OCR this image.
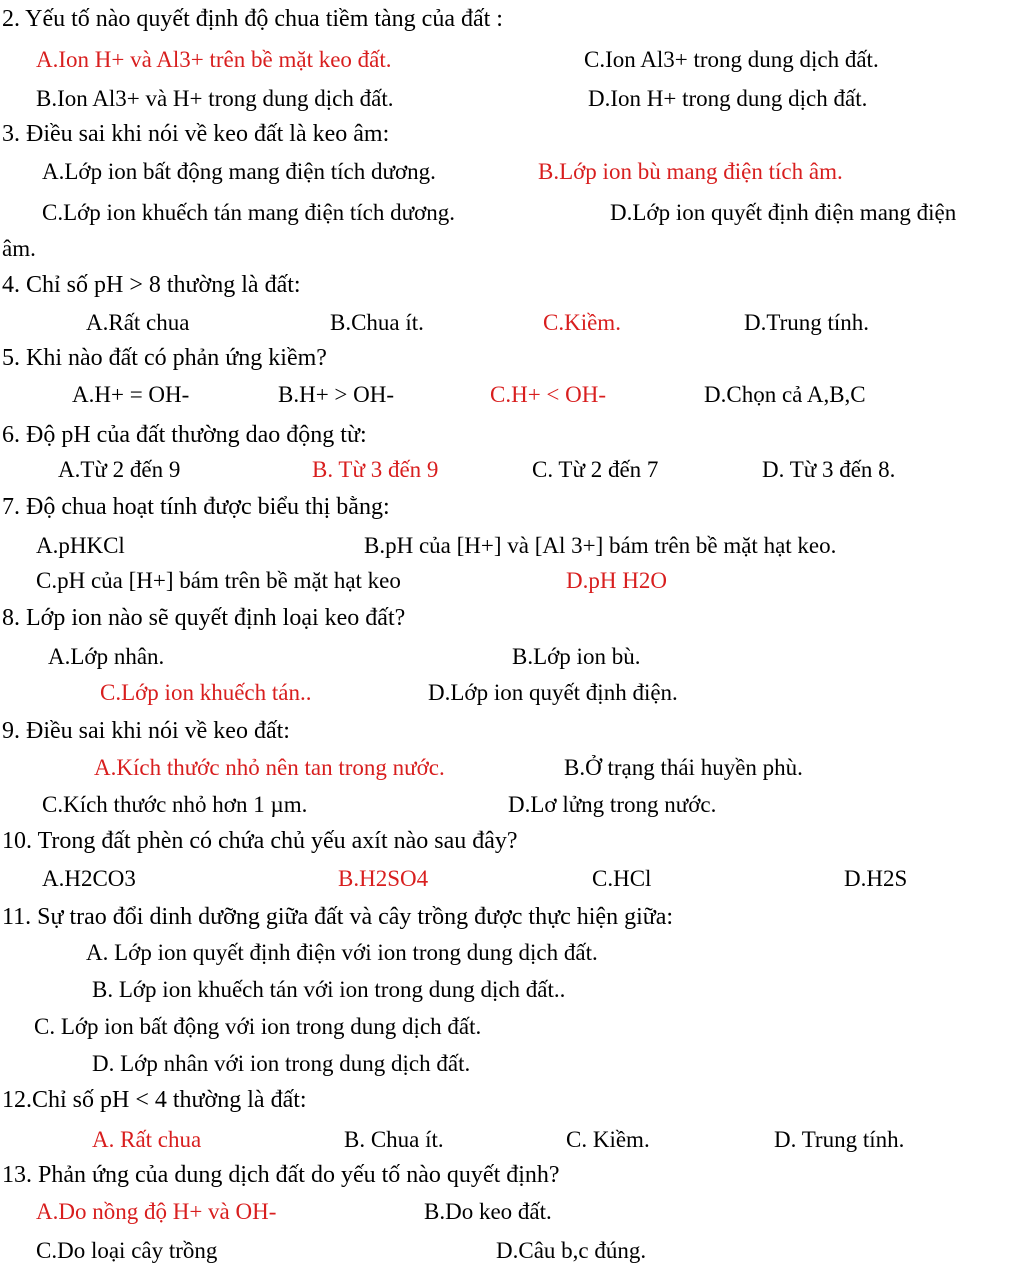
2. Yếu tố nào quyết định độ chua tiềm tàng của đất :

A.Ion H+ và Al3+ trên bề mặt keo đất.	C.Ion Al3+ trong dung dịch đất.

B.Ion Al3+ và H+ trong dung dịch đất.	D.Ion H+ trong dung dịch đất.

3. Điều sai khi nói về keo đất là keo âm:

A.Lớp ion bất động mang điện tích dương.	B.Lớp ion bù mang điện tích âm.

C.Lớp ion khuếch tán mang điện tích dương.	D.Lớp ion quyết định điện mang điện

âm.

4. Chỉ số pH > 8 thường là đất:

A.Rất chua	B.Chua ít.	C.Kiềm.	D.Trung tính.

5. Khi nào đất có phản ứng kiềm?

A.H+ = OH-	B.H+ > OH-	C.H+ < OH-	D.Chọn cả A,B,C

6. Độ pH của đất thường dao động từ:

A.Từ 2 đến 9	B. Từ 3 đến 9	C. Từ 2 đến 7	D. Từ 3 đến 8.

7. Độ chua hoạt tính được biểu thị bằng:

A.pHKCl	B.pH của [H+] và [Al 3+] bám trên bề mặt hạt keo.

C.pH của [H+] bám trên bề mặt hạt keo	D.pH H2O

8. Lớp ion nào sẽ quyết định loại keo đất?

A.Lớp nhân.	B.Lớp ion bù.

C.Lớp ion khuếch tán..	D.Lớp ion quyết định điện.

9. Điều sai khi nói về keo đất:

A.Kích thước nhỏ nên tan trong nước.	B.Ở trạng thái huyền phù.

C.Kích thước nhỏ hơn 1 µm.	D.Lơ lửng trong nước.

10. Trong đất phèn có chứa chủ yếu axít nào sau đây?

A.H2CO3	B.H2SO4	C.HCl	D.H2S

11. Sự trao đổi dinh dưỡng giữa đất và cây trồng được thực hiện giữa:

A. Lớp ion quyết định điện với ion trong dung dịch đất.

B. Lớp ion khuếch tán với ion trong dung dịch đất..

C. Lớp ion bất động với ion trong dung dịch đất.

D. Lớp nhân với ion trong dung dịch đất.

12.Chỉ số pH < 4 thường là đất:

A. Rất chua	B. Chua ít.	C. Kiềm.	D. Trung tính.

13. Phản ứng của dung dịch đất do yếu tố nào quyết định?

A.Do nồng độ H+ và OH-	B.Do keo đất.

C.Do loại cây trồng	D.Câu b,c đúng.
